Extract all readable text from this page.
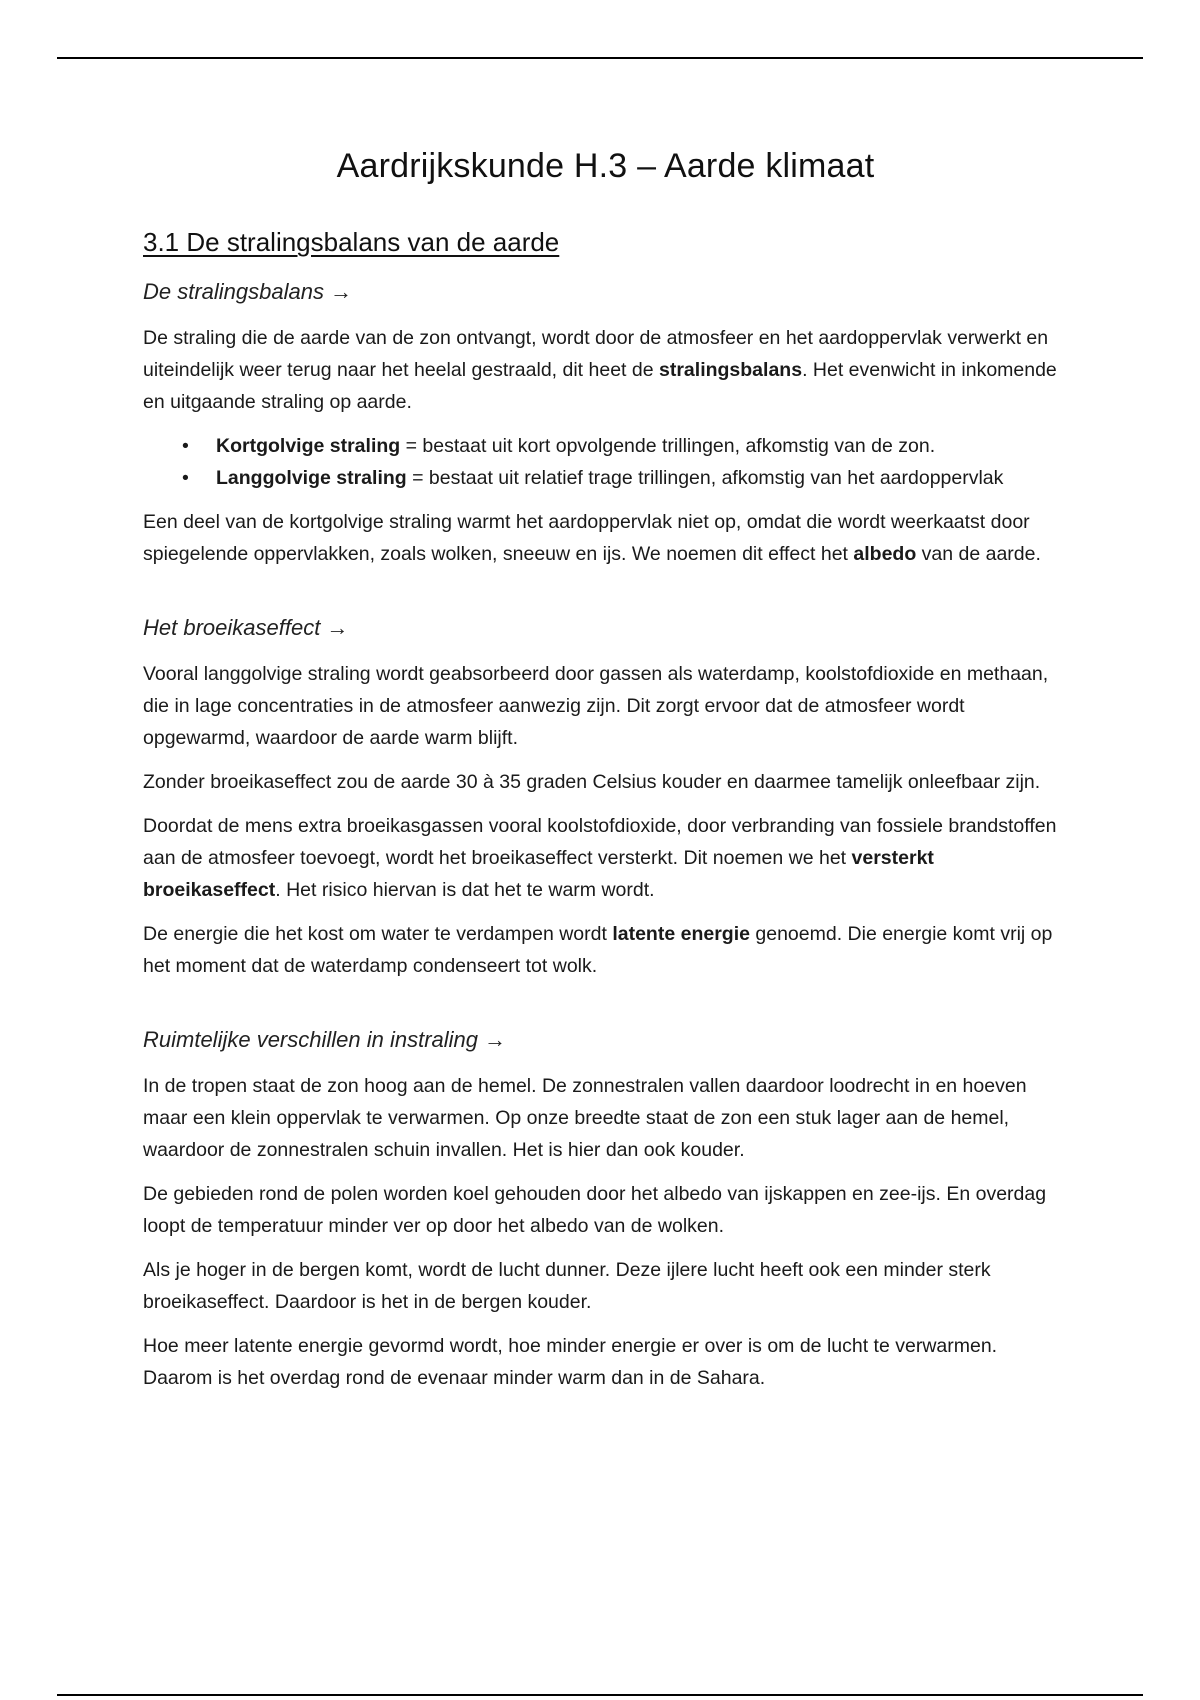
Aardrijkskunde H.3 – Aarde klimaat
3.1 De stralingsbalans van de aarde
De stralingsbalans →

De straling die de aarde van de zon ontvangt, wordt door de atmosfeer en het aardoppervlak verwerkt en uiteindelijk weer terug naar het heelal gestraald, dit heet de stralingsbalans. Het evenwicht in inkomende en uitgaande straling op aarde.

• Kortgolvige straling = bestaat uit kort opvolgende trillingen, afkomstig van de zon.
• Langgolvige straling = bestaat uit relatief trage trillingen, afkomstig van het aardoppervlak

Een deel van de kortgolvige straling warmt het aardoppervlak niet op, omdat die wordt weerkaatst door spiegelende oppervlakken, zoals wolken, sneeuw en ijs. We noemen dit effect het albedo van de aarde.

Het broeikaseffect →

Vooral langgolvige straling wordt geabsorbeerd door gassen als waterdamp, koolstofdioxide en methaan, die in lage concentraties in de atmosfeer aanwezig zijn. Dit zorgt ervoor dat de atmosfeer wordt opgewarmd, waardoor de aarde warm blijft.

Zonder broeikaseffect zou de aarde 30 à 35 graden Celsius kouder en daarmee tamelijk onleefbaar zijn.

Doordat de mens extra broeikasgassen vooral koolstofdioxide, door verbranding van fossiele brandstoffen aan de atmosfeer toevoegt, wordt het broeikaseffect versterkt. Dit noemen we het versterkt broeikaseffect. Het risico hiervan is dat het te warm wordt.

De energie die het kost om water te verdampen wordt latente energie genoemd. Die energie komt vrij op het moment dat de waterdamp condenseert tot wolk.

Ruimtelijke verschillen in instraling →

In de tropen staat de zon hoog aan de hemel. De zonnestralen vallen daardoor loodrecht in en hoeven maar een klein oppervlak te verwarmen. Op onze breedte staat de zon een stuk lager aan de hemel, waardoor de zonnestralen schuin invallen. Het is hier dan ook kouder.

De gebieden rond de polen worden koel gehouden door het albedo van ijskappen en zee-ijs. En overdag loopt de temperatuur minder ver op door het albedo van de wolken.

Als je hoger in de bergen komt, wordt de lucht dunner. Deze ijlere lucht heeft ook een minder sterk broeikaseffect. Daardoor is het in de bergen kouder.

Hoe meer latente energie gevormd wordt, hoe minder energie er over is om de lucht te verwarmen. Daarom is het overdag rond de evenaar minder warm dan in de Sahara.
